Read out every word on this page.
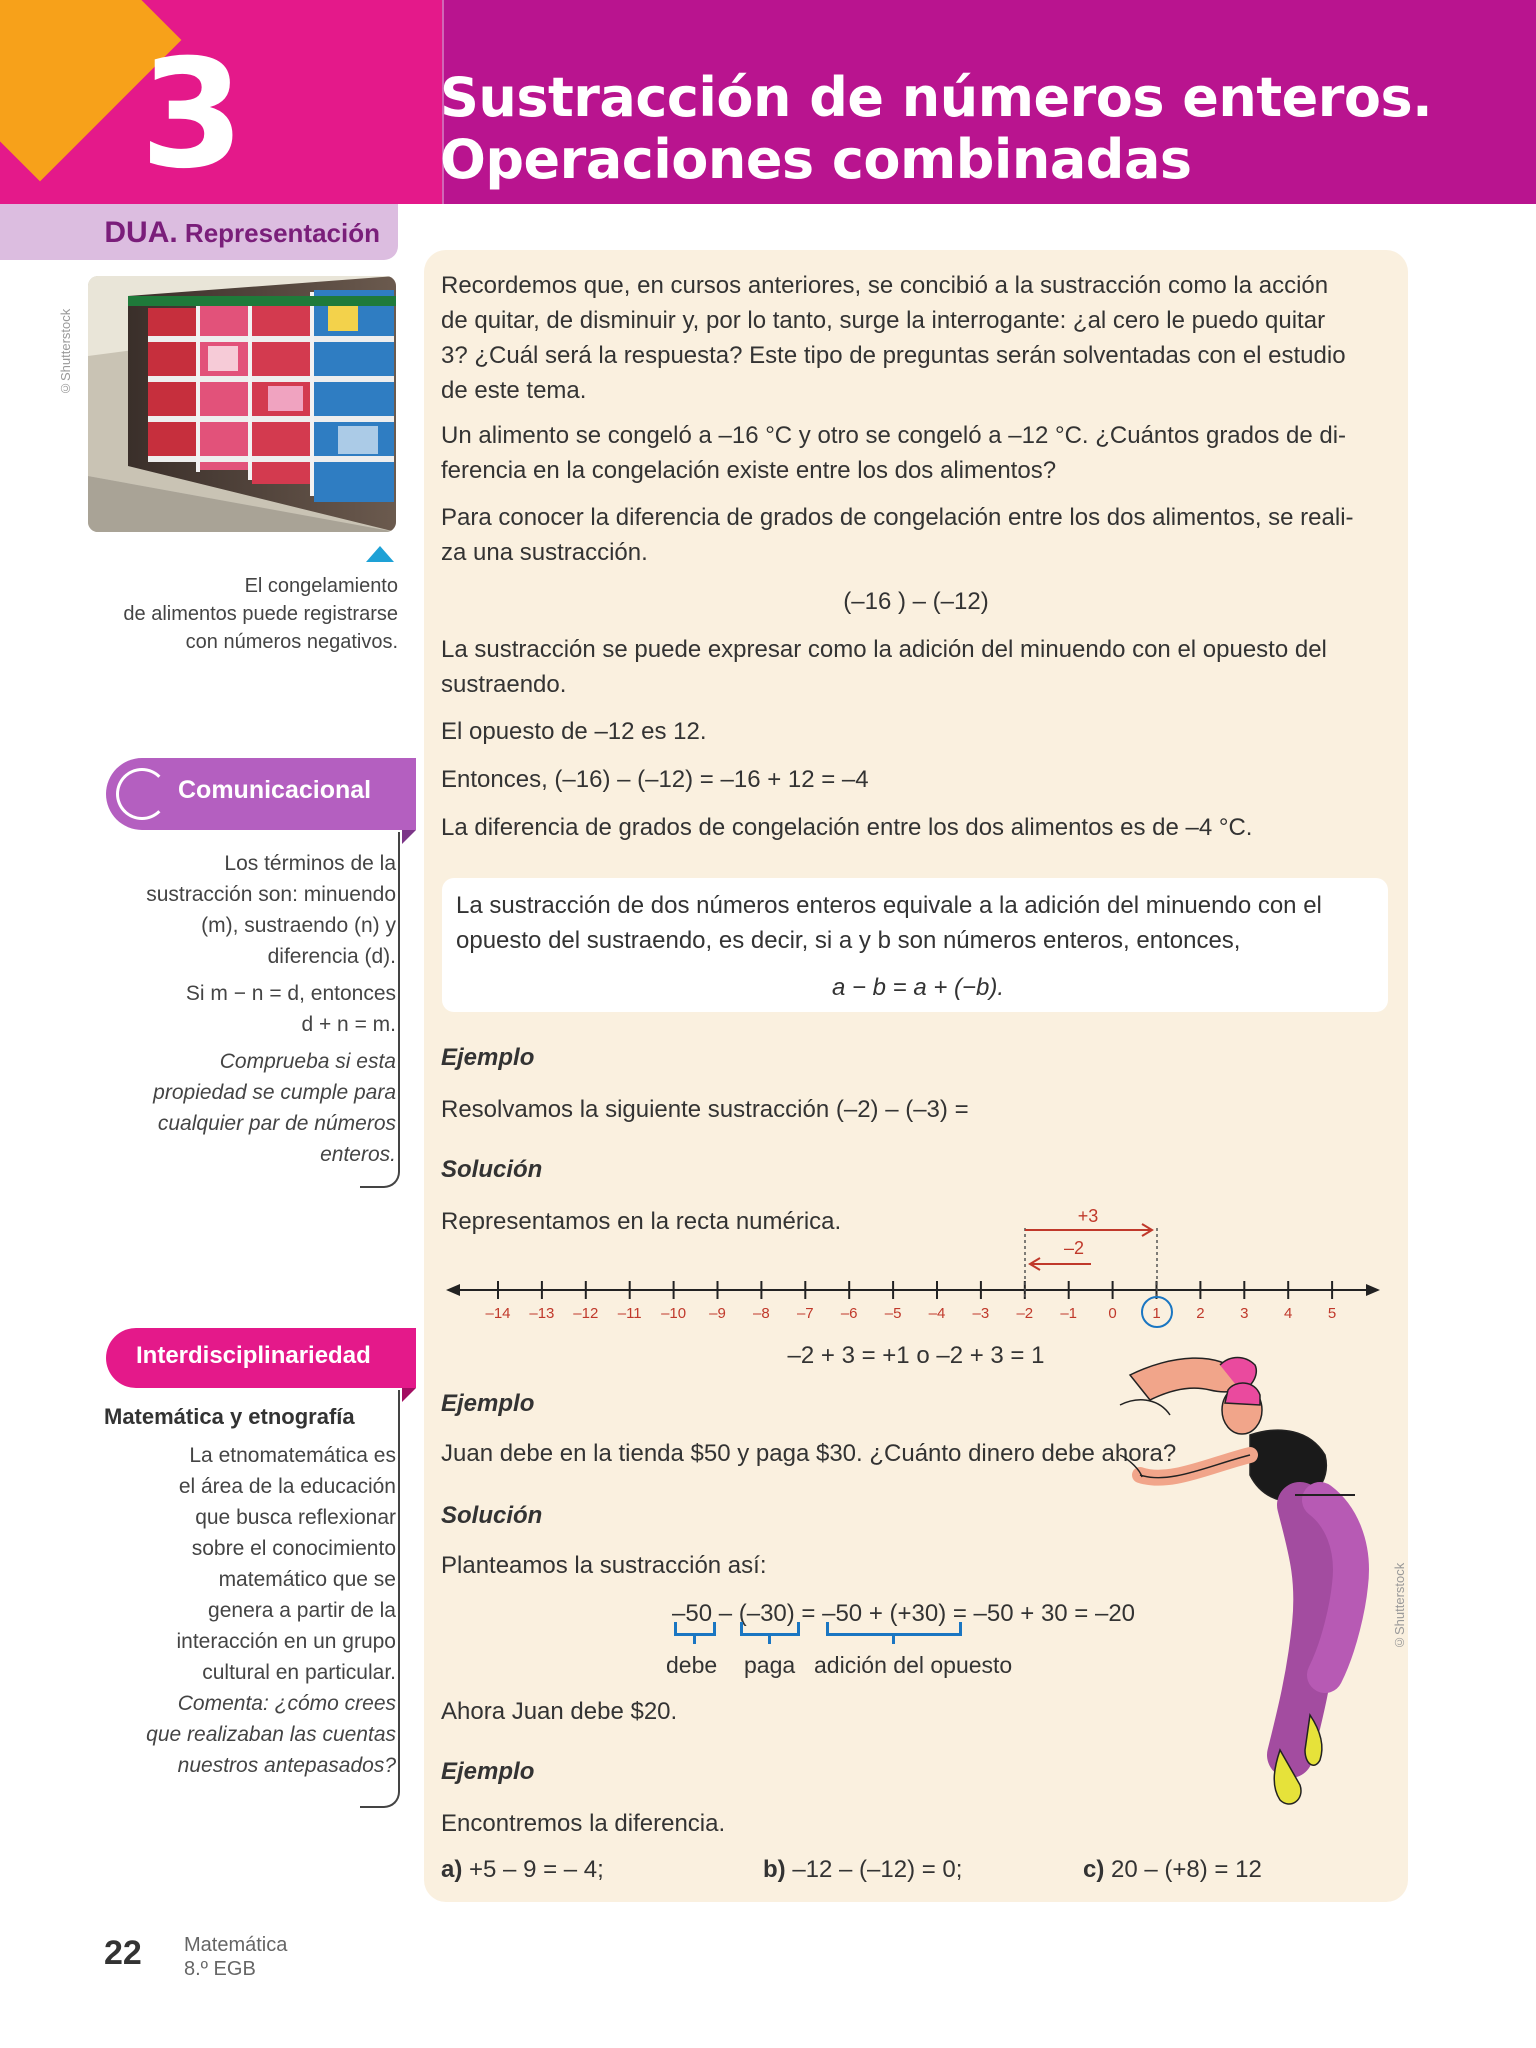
3	Sustracción de números enteros.
Operaciones combinadas
DUA. Representación
©Shutterstock
El congelamiento
de alimentos puede registrarse
con números negativos.
Comunicacional
Los términos de la
sustracción son: minuendo
(m), sustraendo (n) y
diferencia (d).
Si m − n = d, entonces
d + n = m.
Comprueba si esta
propiedad se cumple para
cualquier par de números
enteros.
Interdisciplinariedad
Matemática y etnografía
La etnomatemática es
el área de la educación
que busca reflexionar
sobre el conocimiento
matemático que se
genera a partir de la
interacción en un grupo
cultural en particular.
Comenta: ¿cómo crees
que realizaban las cuentas
nuestros antepasados?
Recordemos que, en cursos anteriores, se concibió a la sustracción como la acción
de quitar, de disminuir y, por lo tanto, surge la interrogante: ¿al cero le puedo quitar
3? ¿Cuál será la respuesta? Este tipo de preguntas serán solventadas con el estudio
de este tema.
Un alimento se congeló a –16 °C y otro se congeló a –12 °C. ¿Cuántos grados de di-
ferencia en la congelación existe entre los dos alimentos?
Para conocer la diferencia de grados de congelación entre los dos alimentos, se reali-
za una sustracción.
(–16 ) – (–12)
La sustracción se puede expresar como la adición del minuendo con el opuesto del
sustraendo.
El opuesto de –12 es 12.
Entonces, (–16) – (–12) = –16 + 12 = –4
La diferencia de grados de congelación entre los dos alimentos es de –4 °C.
La sustracción de dos números enteros equivale a la adición del minuendo con el
opuesto del sustraendo, es decir, si a y b son números enteros, entonces,
a − b = a + (−b).
Ejemplo
Resolvamos la siguiente sustracción (–2) – (–3) =
Solución
Representamos en la recta numérica.
–14 –13 –12 –11 –10 –9 –8 –7 –6 –5 –4 –3 –2 –1 0 1 2 3 4 5
+3
–2
–2 + 3 = +1 o –2 + 3 = 1
Ejemplo
Juan debe en la tienda $50 y paga $30. ¿Cuánto dinero debe ahora?
Solución
Planteamos la sustracción así:
–50 – (–30) = –50 + (+30) = –50 + 30 = –20
debe paga adición del opuesto
Ahora Juan debe $20.
Ejemplo
Encontremos la diferencia.
a) +5 – 9 = – 4;	b) –12 – (–12) = 0;	c) 20 – (+8) = 12
©Shutterstock
22 Matemática
8.º EGB
